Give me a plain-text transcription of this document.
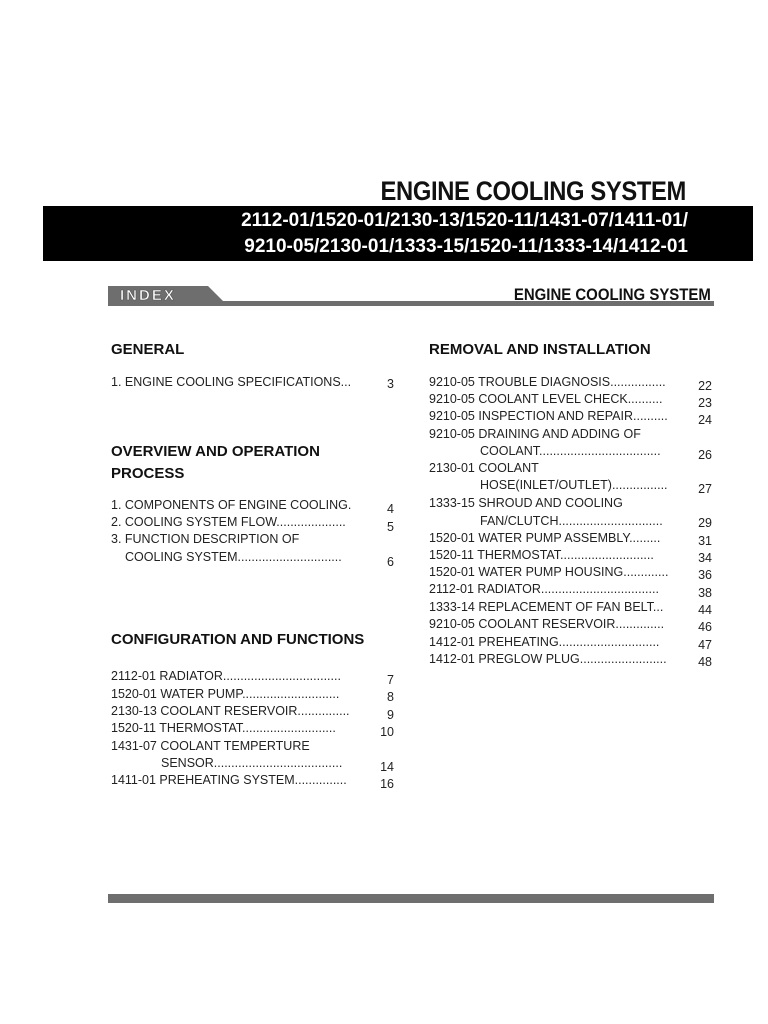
ENGINE COOLING SYSTEM
2112-01/1520-01/2130-13/1520-11/1431-07/1411-01/
9210-05/2130-01/1333-15/1520-11/1333-14/1412-01
INDEX	ENGINE COOLING SYSTEM
GENERAL
1. ENGINE COOLING SPECIFICATIONS...	3
OVERVIEW AND OPERATION
PROCESS
1. COMPONENTS OF ENGINE COOLING.	4
2. COOLING SYSTEM FLOW....................	5
3. FUNCTION DESCRIPTION OF
COOLING SYSTEM..............................	6
CONFIGURATION AND FUNCTIONS
2112-01 RADIATOR..................................	7
1520-01 WATER PUMP............................	8
2130-13 COOLANT RESERVOIR...............	9
1520-11 THERMOSTAT...........................	10
1431-07 COOLANT TEMPERTURE
SENSOR.....................................	14
1411-01 PREHEATING SYSTEM...............	16
REMOVAL AND INSTALLATION
9210-05 TROUBLE DIAGNOSIS................	22
9210-05 COOLANT LEVEL CHECK..........	23
9210-05 INSPECTION AND REPAIR..........	24
9210-05 DRAINING AND ADDING OF
COOLANT...................................	26
2130-01 COOLANT
HOSE(INLET/OUTLET)................	27
1333-15 SHROUD AND COOLING
FAN/CLUTCH..............................	29
1520-01 WATER PUMP ASSEMBLY.........	31
1520-11 THERMOSTAT...........................	34
1520-01 WATER PUMP HOUSING.............	36
2112-01 RADIATOR..................................	38
1333-14 REPLACEMENT OF FAN BELT...	44
9210-05 COOLANT RESERVOIR..............	46
1412-01 PREHEATING.............................	47
1412-01 PREGLOW PLUG.........................	48
